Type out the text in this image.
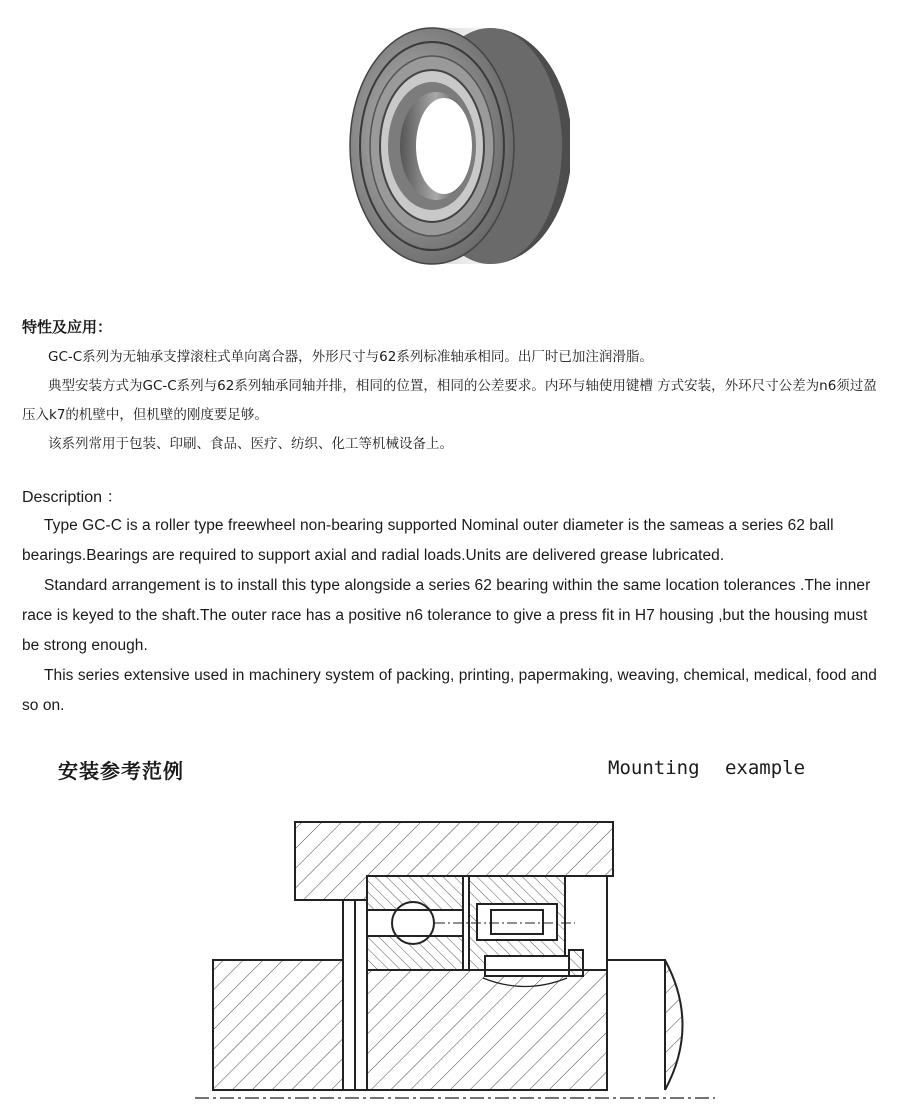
特性及应用：

GC-C系列为无轴承支撑滚柱式单向离合器，外形尺寸与62系列标准轴承相同。出厂时已加注润滑脂。

典型安装方式为GC-C系列与62系列轴承同轴并排，相同的位置，相同的公差要求。内环与轴使用键槽 方式安装，外环尺寸公差为n6须过盈压入k7的机壁中，但机壁的刚度要足够。

该系列常用于包装、印刷、食品、医疗、纺织、化工等机械设备上。

Description ：

Type GC-C is a roller type freewheel non-bearing supported Nominal outer diameter is the sameas a series 62 ball bearings.Bearings are required to support axial and radial loads.Units are delivered grease lubricated.

Standard arrangement is to install this type alongside a series 62 bearing within the same location tolerances .The inner race is keyed to the shaft.The outer race has a positive n6 tolerance to give a press fit in H7 housing ,but the housing must be strong enough.

This series extensive used in machinery system of packing, printing, papermaking, weaving, chemical, medical, food and so on.

安装参考范例	Mounting example
